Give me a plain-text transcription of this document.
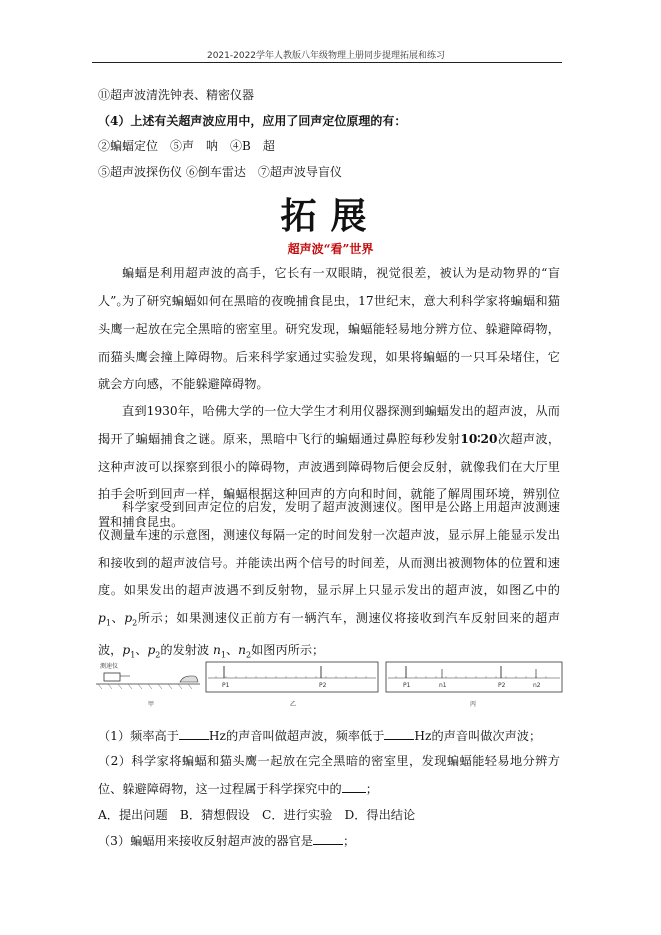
2021-2022学年人教版八年级物理上册同步提理拓展和练习
⑪超声波清洗钟表、精密仪器
（4）上述有关超声波应用中，应用了回声定位原理的有：
②蝙蝠定位　⑤声　呐　④B　超
⑤超声波探伤仪 ⑥倒车雷达　⑦超声波导盲仪
拓展
超声波“看”世界

蝙蝠是利用超声波的高手，它长有一双眼睛，视觉很差，被认为是动物界的“盲人”。

为了研究蝙蝠如何在黑暗的夜晚捕食昆虫，17世纪末，意大利科学家将蝙蝠和猫头鹰一起放在完全黑暗的密室里。研究发现，蝙蝠能轻易地分辨方位、躲避障碍物，而猫头鹰会撞上障碍物。后来科学家通过实验发现，如果将蝙蝠的一只耳朵堵住，它就会方向感，不能躲避障碍物。

直到1930年，哈佛大学的一位大学生才利用仪器探测到蝙蝠发出的超声波，从而揭开了蝙蝠捕食之谜。原来，黑暗中飞行的蝙蝠通过鼻腔每秒发射10∶20次超声波，这种声波可以探察到很小的障碍物，声波遇到障碍物后便会反射，就像我们在大厅里拍手会听到回声一样，蝙蝠根据这种回声的方向和时间，就能了解周围环境，辨别位置和捕食昆虫。

科学家受到回声定位的启发，发明了超声波测速仪。图甲是公路上用超声波测速仪测量车速的示意图，测速仪每隔一定的时间发射一次超声波，显示屏上能显示发出和接收到的超声波信号。并能读出两个信号的时间差，从而测出被测物体的位置和速度。如果发出的超声波遇不到反射物，显示屏上只显示发出的超声波，如图乙中的$p_1$、$p_2$所示；如果测速仪正前方有一辆汽车，测速仪将接收到汽车反射回来的超声波，$p_1$、$p_2$的发射波 $n_1$、$n_2$如图丙所示；

测速仪
甲
P1	P2
乙
P1	n1	P2	n2
丙
（1）频率高于 Hz的声音叫做超声波，频率低于 Hz的声音叫做次声波；
（2）科学家将蝙蝠和猫头鹰一起放在完全黑暗的密室里，发现蝙蝠能轻易地分辨方位、躲避障碍物，这一过程属于科学探究中的 ；
A．提出问题　B．猜想假设　C．进行实验　D．得出结论
（3）蝙蝠用来接收反射超声波的器官是 ；
